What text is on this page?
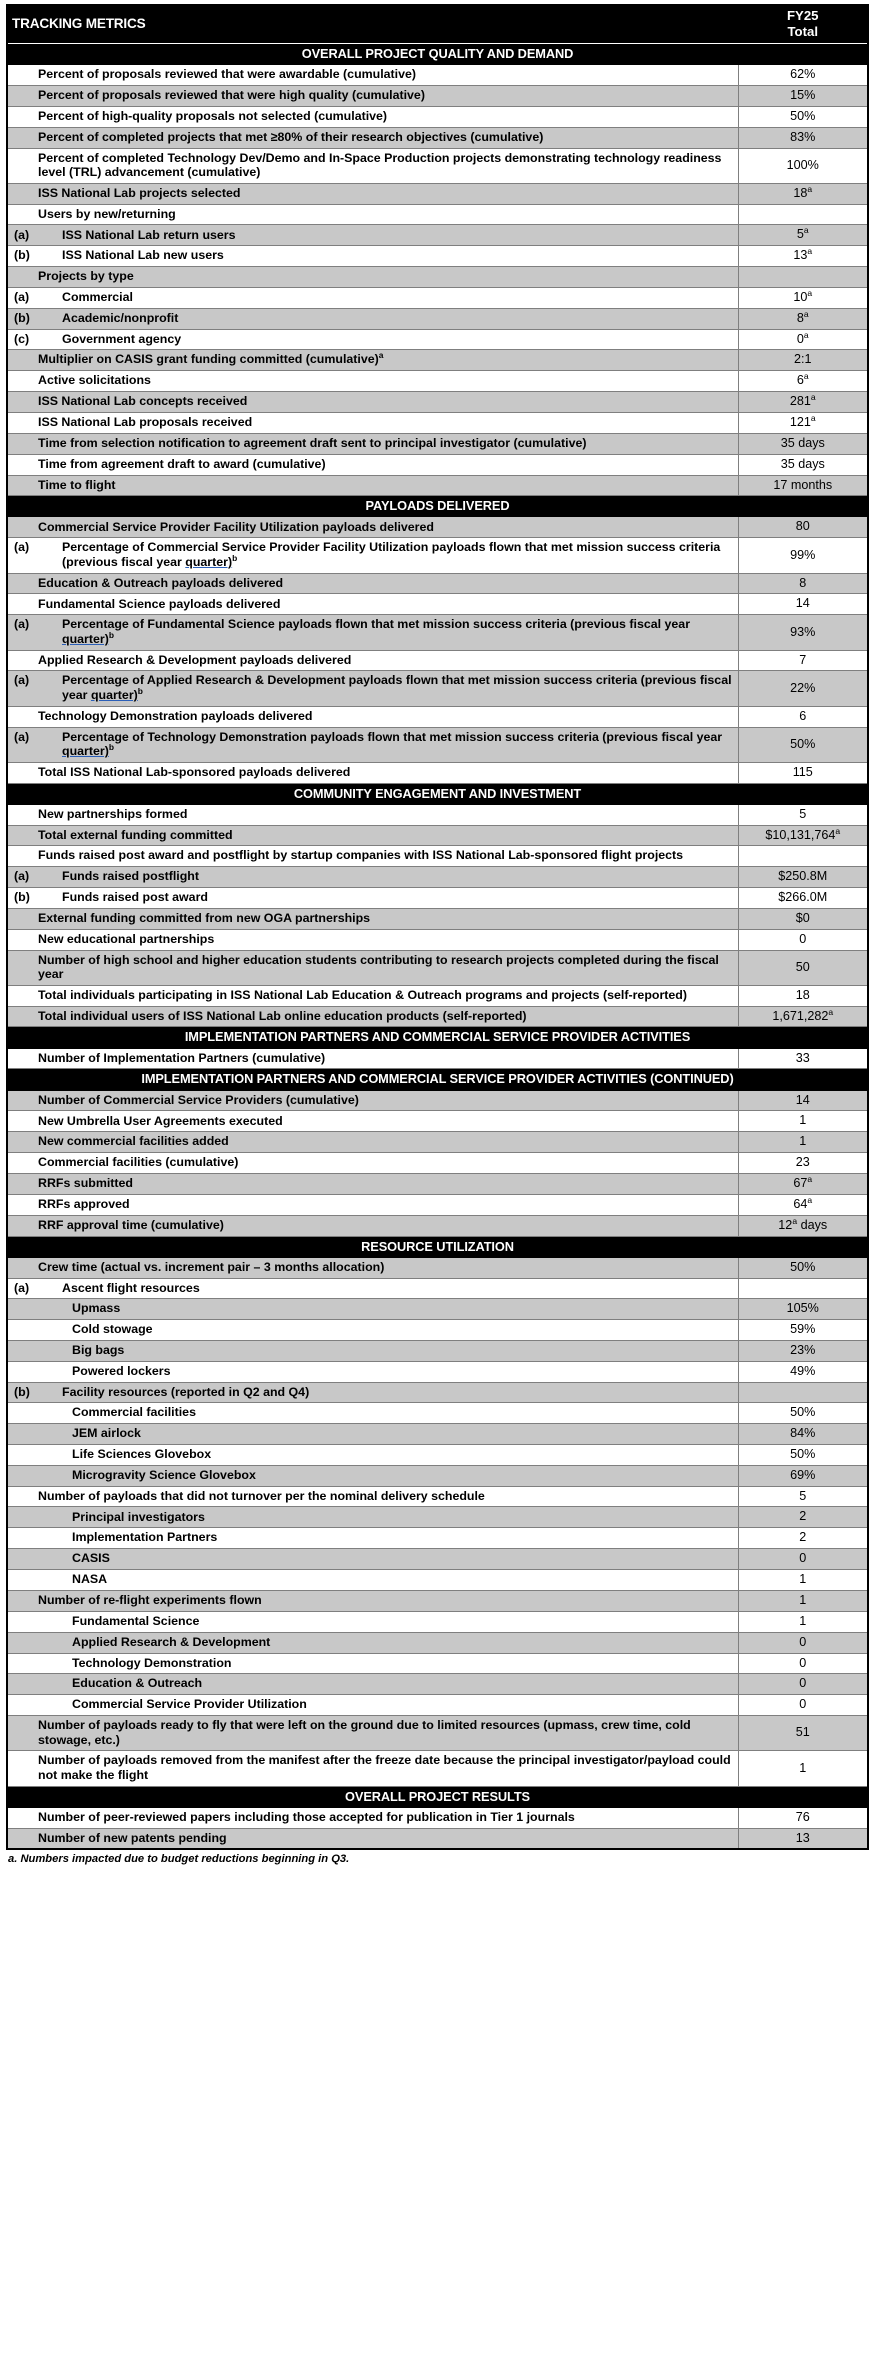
TRACKING METRICS	FY25
Total
OVERALL PROJECT QUALITY AND DEMAND	
Percent of proposals reviewed that were awardable (cumulative)	62%
Percent of proposals reviewed that were high quality (cumulative)	15%
Percent of high-quality proposals not selected (cumulative)	50%
Percent of completed projects that met ≥80% of their research objectives (cumulative)	83%
Percent of completed Technology Dev/Demo and In-Space Production projects demonstrating technology readiness level (TRL) advancement (cumulative)	100%
ISS National Lab projects selected	18$^a$
Users by new/returning	
(a) ISS National Lab return users	5$^a$
(b) ISS National Lab new users	13$^a$
Projects by type	
(a) Commercial	10$^a$
(b) Academic/nonprofit	8$^a$
(c) Government agency	0$^a$
Multiplier on CASIS grant funding committed (cumulative)$^a$	2:1
Active solicitations	6$^a$
ISS National Lab concepts received	281$^a$
ISS National Lab proposals received	121$^a$
Time from selection notification to agreement draft sent to principal investigator (cumulative)	35 days
Time from agreement draft to award (cumulative)	35 days
Time to flight	17 months
PAYLOADS DELIVERED	
Commercial Service Provider Facility Utilization payloads delivered	80
(a) Percentage of Commercial Service Provider Facility Utilization payloads flown that met mission success criteria (previous fiscal year quarter)$^b$	99%
Education & Outreach payloads delivered	8
Fundamental Science payloads delivered	14
(a) Percentage of Fundamental Science payloads flown that met mission success criteria (previous fiscal year quarter)$^b$	93%
Applied Research & Development payloads delivered	7
(a) Percentage of Applied Research & Development payloads flown that met mission success criteria (previous fiscal year quarter)$^b$	22%
Technology Demonstration payloads delivered	6
(a) Percentage of Technology Demonstration payloads flown that met mission success criteria (previous fiscal year quarter)$^b$	50%
Total ISS National Lab-sponsored payloads delivered	115
COMMUNITY ENGAGEMENT AND INVESTMENT	
New partnerships formed	5
Total external funding committed	$10,131,764$^a$
Funds raised post award and postflight by startup companies with ISS National Lab-sponsored flight projects	
(a) Funds raised postflight	$250.8M
(b) Funds raised post award	$266.0M
External funding committed from new OGA partnerships	$0
New educational partnerships	0
Number of high school and higher education students contributing to research projects completed during the fiscal year	50
Total individuals participating in ISS National Lab Education & Outreach programs and projects (self-reported)	18
Total individual users of ISS National Lab online education products (self-reported)	1,671,282$^a$
IMPLEMENTATION PARTNERS AND COMMERCIAL SERVICE PROVIDER ACTIVITIES	
Number of Implementation Partners (cumulative)	33
IMPLEMENTATION PARTNERS AND COMMERCIAL SERVICE PROVIDER ACTIVITIES (CONTINUED)	
Number of Commercial Service Providers (cumulative)	14
New Umbrella User Agreements executed	1
New commercial facilities added	1
Commercial facilities (cumulative)	23
RRFs submitted	67$^a$
RRFs approved	64$^a$
RRF approval time (cumulative)	12$^a$ days
RESOURCE UTILIZATION	
Crew time (actual vs. increment pair – 3 months allocation)	50%
(a) Ascent flight resources	
Upmass	105%
Cold stowage	59%
Big bags	23%
Powered lockers	49%
(b) Facility resources (reported in Q2 and Q4)	
Commercial facilities	50%
JEM airlock	84%
Life Sciences Glovebox	50%
Microgravity Science Glovebox	69%
Number of payloads that did not turnover per the nominal delivery schedule	5
Principal investigators	2
Implementation Partners	2
CASIS	0
NASA	1
Number of re-flight experiments flown	1
Fundamental Science	1
Applied Research & Development	0
Technology Demonstration	0
Education & Outreach	0
Commercial Service Provider Utilization	0
Number of payloads ready to fly that were left on the ground due to limited resources (upmass, crew time, cold stowage, etc.)	51
Number of payloads removed from the manifest after the freeze date because the principal investigator/payload could not make the flight	1
OVERALL PROJECT RESULTS	
Number of peer-reviewed papers including those accepted for publication in Tier 1 journals	76
Number of new patents pending	13
a. Numbers impacted due to budget reductions beginning in Q3.
